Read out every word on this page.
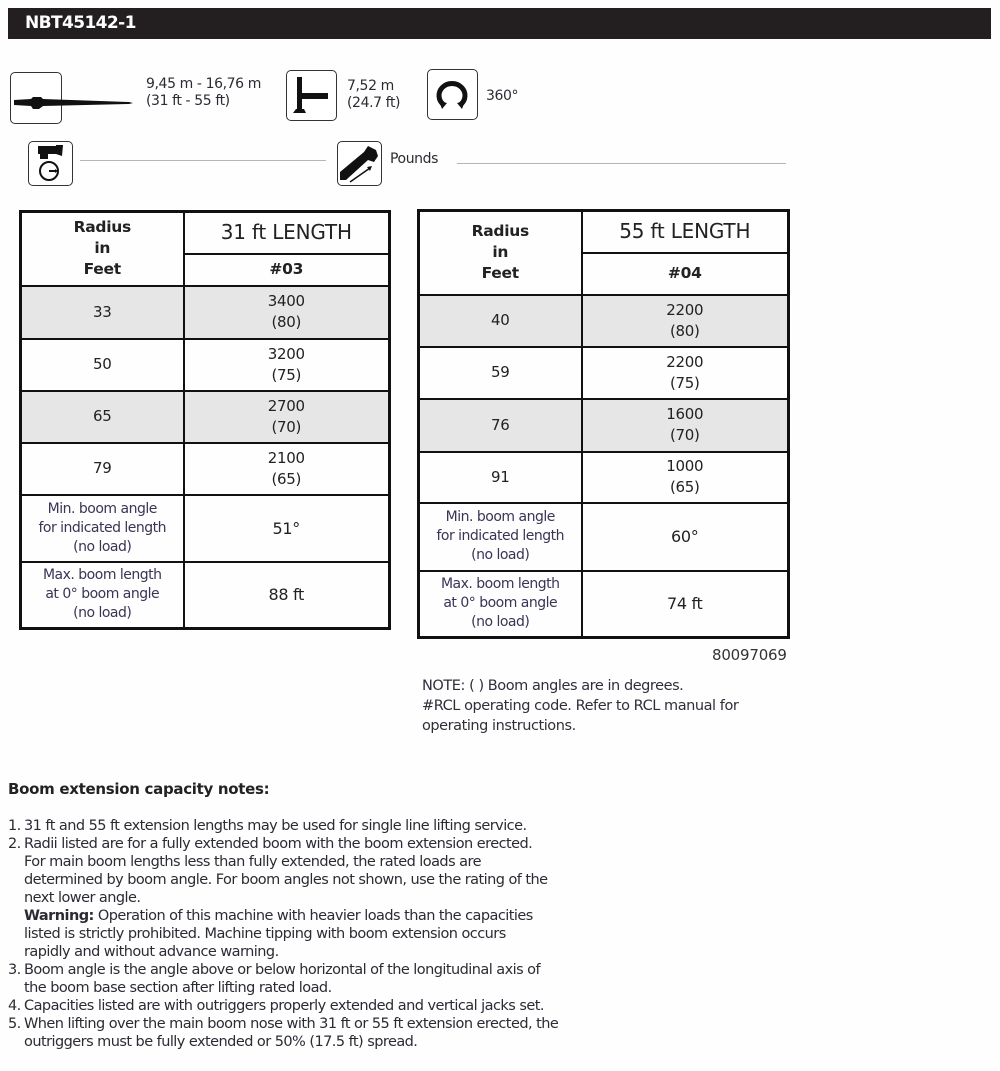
NBT45142-1
9,45 m - 16,76 m
(31 ft - 55 ft)
7,52 m
(24.7 ft)	360°
Pounds
Radius
in
Feet	31 ft LENGTH
	#03
33	3400
(80)

50	3200
(75)

65	2700
(70)

79	2100
(65)

Min. boom angle
for indicated length
(no load)	51°

Max. boom length
at 0° boom angle
(no load)	88 ft
Radius
in
Feet	55 ft LENGTH
	#04
40	2200
(80)

59	2200
(75)

76	1600
(70)

91	1000
(65)

Min. boom angle
for indicated length
(no load)	60°

Max. boom length
at 0° boom angle
(no load)	74 ft
80097069
NOTE: ( ) Boom angles are in degrees.
#RCL operating code. Refer to RCL manual for
operating instructions.
Boom extension capacity notes:
1. 31 ft and 55 ft extension lengths may be used for single line lifting service.
2. Radii listed are for a fully extended boom with the boom extension erected.
For main boom lengths less than fully extended, the rated loads are
determined by boom angle. For boom angles not shown, use the rating of the
next lower angle.
Warning: Operation of this machine with heavier loads than the capacities
listed is strictly prohibited. Machine tipping with boom extension occurs
rapidly and without advance warning.
3. Boom angle is the angle above or below horizontal of the longitudinal axis of
the boom base section after lifting rated load.
4. Capacities listed are with outriggers properly extended and vertical jacks set.
5. When lifting over the main boom nose with 31 ft or 55 ft extension erected, the
outriggers must be fully extended or 50% (17.5 ft) spread.
